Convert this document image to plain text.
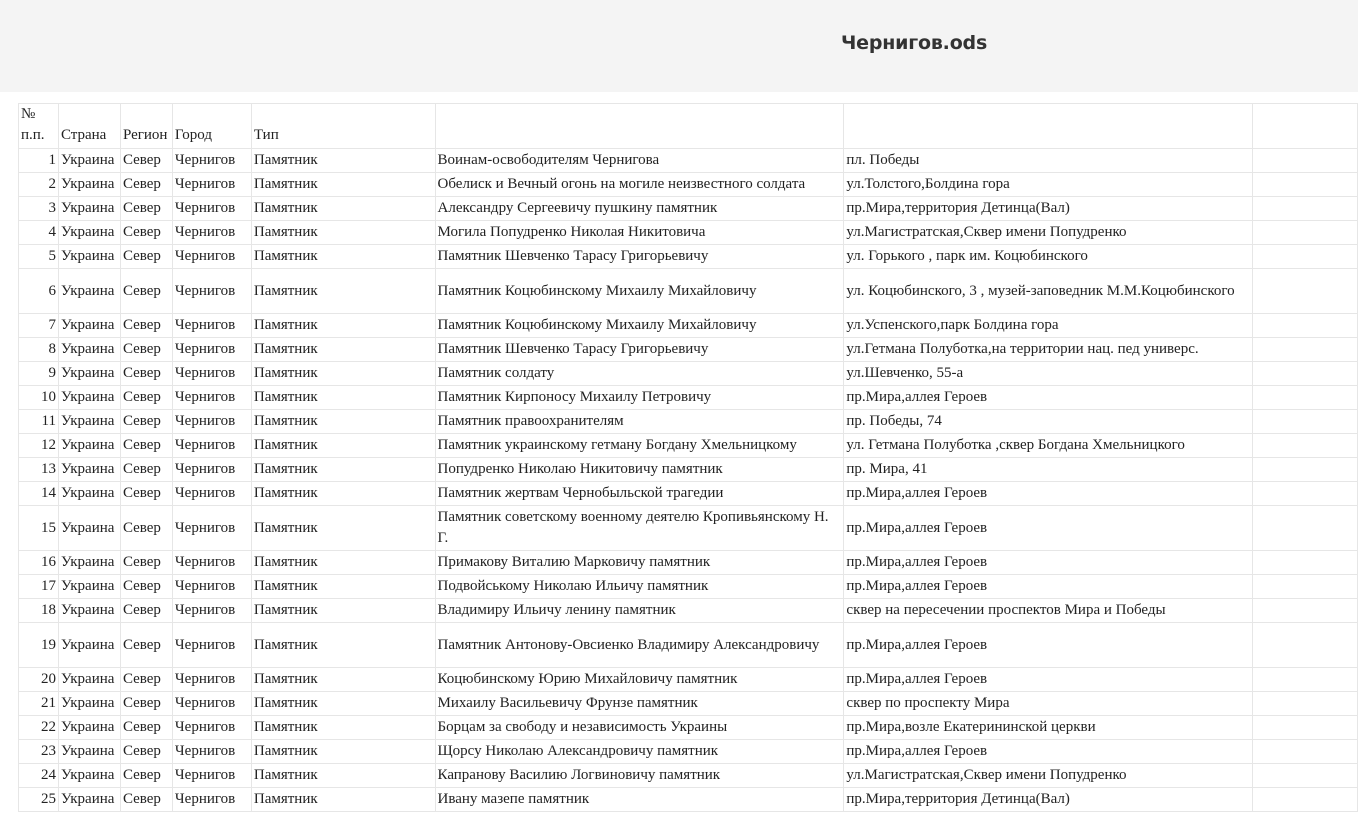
Чернигов.ods
№ п.п.	Страна	Регион	Город	Тип			
1	Украина	Север	Чернигов	Памятник	Воинам-освободителям Чернигова	пл. Победы	
2	Украина	Север	Чернигов	Памятник	Обелиск и Вечный огонь на могиле неизвестного солдата	ул.Толстого,Болдина гора	
3	Украина	Север	Чернигов	Памятник	Александру Сергеевичу пушкину памятник	пр.Мира,территория Детинца(Вал)	
4	Украина	Север	Чернигов	Памятник	Могила Попудренко Николая Никитовича	ул.Магистратская,Сквер имени Попудренко	
5	Украина	Север	Чернигов	Памятник	Памятник Шевченко Тарасу Григорьевичу	ул. Горького , парк им. Коцюбинского	
6	Украина	Север	Чернигов	Памятник	Памятник Коцюбинскому Михаилу Михайловичу	ул. Коцюбинского, 3 , музей-заповедник М.М.Коцюбинского	
7	Украина	Север	Чернигов	Памятник	Памятник Коцюбинскому Михаилу Михайловичу	ул.Успенского,парк Болдина гора	
8	Украина	Север	Чернигов	Памятник	Памятник Шевченко Тарасу Григорьевичу	ул.Гетмана Полуботка,на территории нац. пед универс.	
9	Украина	Север	Чернигов	Памятник	Памятник солдату	ул.Шевченко, 55-а	
10	Украина	Север	Чернигов	Памятник	Памятник Кирпоносу Михаилу Петровичу	пр.Мира,аллея Героев	
11	Украина	Север	Чернигов	Памятник	Памятник правоохранителям	пр. Победы, 74	
12	Украина	Север	Чернигов	Памятник	Памятник украинскому гетману Богдану Хмельницкому	ул. Гетмана Полуботка ,сквер Богдана Хмельницкого	
13	Украина	Север	Чернигов	Памятник	Попудренко Николаю Никитовичу памятник	пр. Мира, 41	
14	Украина	Север	Чернигов	Памятник	Памятник жертвам Чернобыльской трагедии	пр.Мира,аллея Героев	
15	Украина	Север	Чернигов	Памятник	Памятник советскому военному деятелю Кропивьянскому Н. Г.	пр.Мира,аллея Героев	
16	Украина	Север	Чернигов	Памятник	Примакову Виталию Марковичу памятник	пр.Мира,аллея Героев	
17	Украина	Север	Чернигов	Памятник	Подвойському Николаю Ильичу памятник	пр.Мира,аллея Героев	
18	Украина	Север	Чернигов	Памятник	Владимиру Ильичу ленину памятник	сквер на пересечении проспектов Мира и Победы	
19	Украина	Север	Чернигов	Памятник	Памятник Антонову-Овсиенко Владимиру Александровичу	пр.Мира,аллея Героев	
20	Украина	Север	Чернигов	Памятник	Коцюбинскому Юрию Михайловичу памятник	пр.Мира,аллея Героев	
21	Украина	Север	Чернигов	Памятник	Михаилу Васильевичу Фрунзе памятник	сквер по проспекту Мира	
22	Украина	Север	Чернигов	Памятник	Борцам за свободу и независимость Украины	пр.Мира,возле Екатерининской церкви	
23	Украина	Север	Чернигов	Памятник	Щорсу Николаю Александровичу памятник	пр.Мира,аллея Героев	
24	Украина	Север	Чернигов	Памятник	Капранову Василию Логвиновичу памятник	ул.Магистратская,Сквер имени Попудренко	
25	Украина	Север	Чернигов	Памятник	Ивану мазепе памятник	пр.Мира,территория Детинца(Вал)	
